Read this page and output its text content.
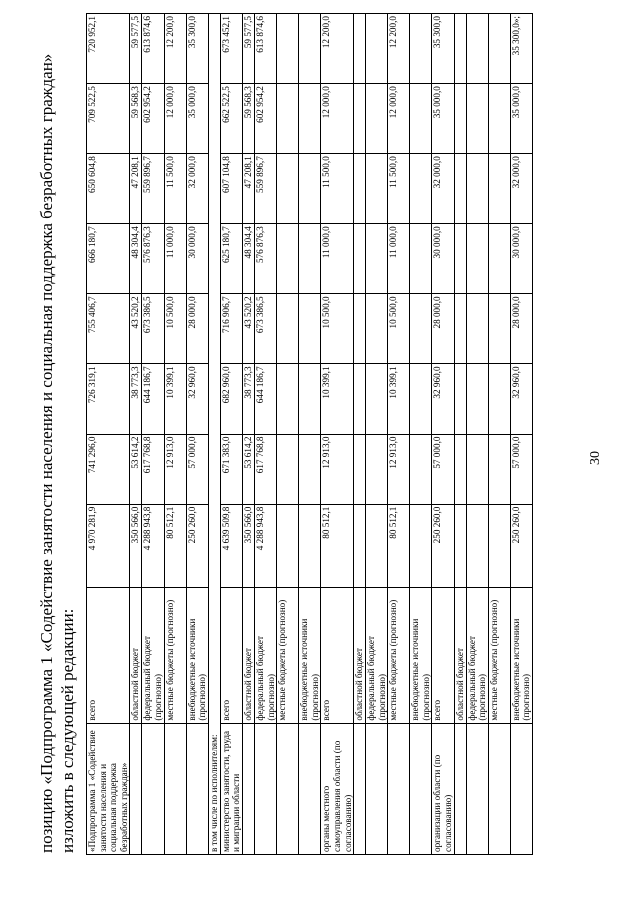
30
позицию «Подпрограмма 1 «Содействие занятости населения и социальная поддержка безработных граждан» изложить в следующей редакции: «Подпрограмма 1 «Содействие занятости населения и социальная поддержка безработных граждан»	всего	4 970 281,9	741 296,0	726 319,1	755 406,7	666 180,7	650 604,8	709 522,5	720 952,1
	областной бюджет	350 566,0	53 614,2	38 773,3	43 520,2	48 304,4	47 208,1	59 568,3	59 577,5
	федеральный бюджет (прогнозно)	4 288 943,8	617 768,8	644 186,7	673 386,5	576 876,3	559 896,7	602 954,2	613 874,6
	местные бюджеты (прогнозно)	80 512,1	12 913,0	10 399,1	10 500,0	11 000,0	11 500,0	12 000,0	12 200,0
	внебюджетные источники (прогнозно)	250 260,0	57 000,0	32 960,0	28 000,0	30 000,0	32 000,0	35 000,0	35 300,0
в том числе по исполнителям:									
министерство занятости, труда и миграции области	всего	4 639 509,8	671 383,0	682 960,0	716 906,7	625 180,7	607 104,8	662 522,5	673 452,1
	областной бюджет	350 566,0	53 614,2	38 773,3	43 520,2	48 304,4	47 208,1	59 568,3	59 577,5
	федеральный бюджет (прогнозно)	4 288 943,8	617 768,8	644 186,7	673 386,5	576 876,3	559 896,7	602 954,2	613 874,6
	местные бюджеты (прогнозно)								
	внебюджетные источники (прогнозно)								
органы местного самоуправления области (по согласованию)	всего	80 512,1	12 913,0	10 399,1	10 500,0	11 000,0	11 500,0	12 000,0	12 200,0
	областной бюджет								
	федеральный бюджет (прогнозно)								
	местные бюджеты (прогнозно)	80 512,1	12 913,0	10 399,1	10 500,0	11 000,0	11 500,0	12 000,0	12 200,0
	внебюджетные источники (прогнозно)								
организации области (по согласованию)	всего	250 260,0	57 000,0	32 960,0	28 000,0	30 000,0	32 000,0	35 000,0	35 300,0
	областной бюджет								
	федеральный бюджет (прогнозно)								
	местные бюджеты (прогнозно)								
	внебюджетные источники (прогнозно)	250 260,0	57 000,0	32 960,0	28 000,0	30 000,0	32 000,0	35 000,0	35 300,0»;
